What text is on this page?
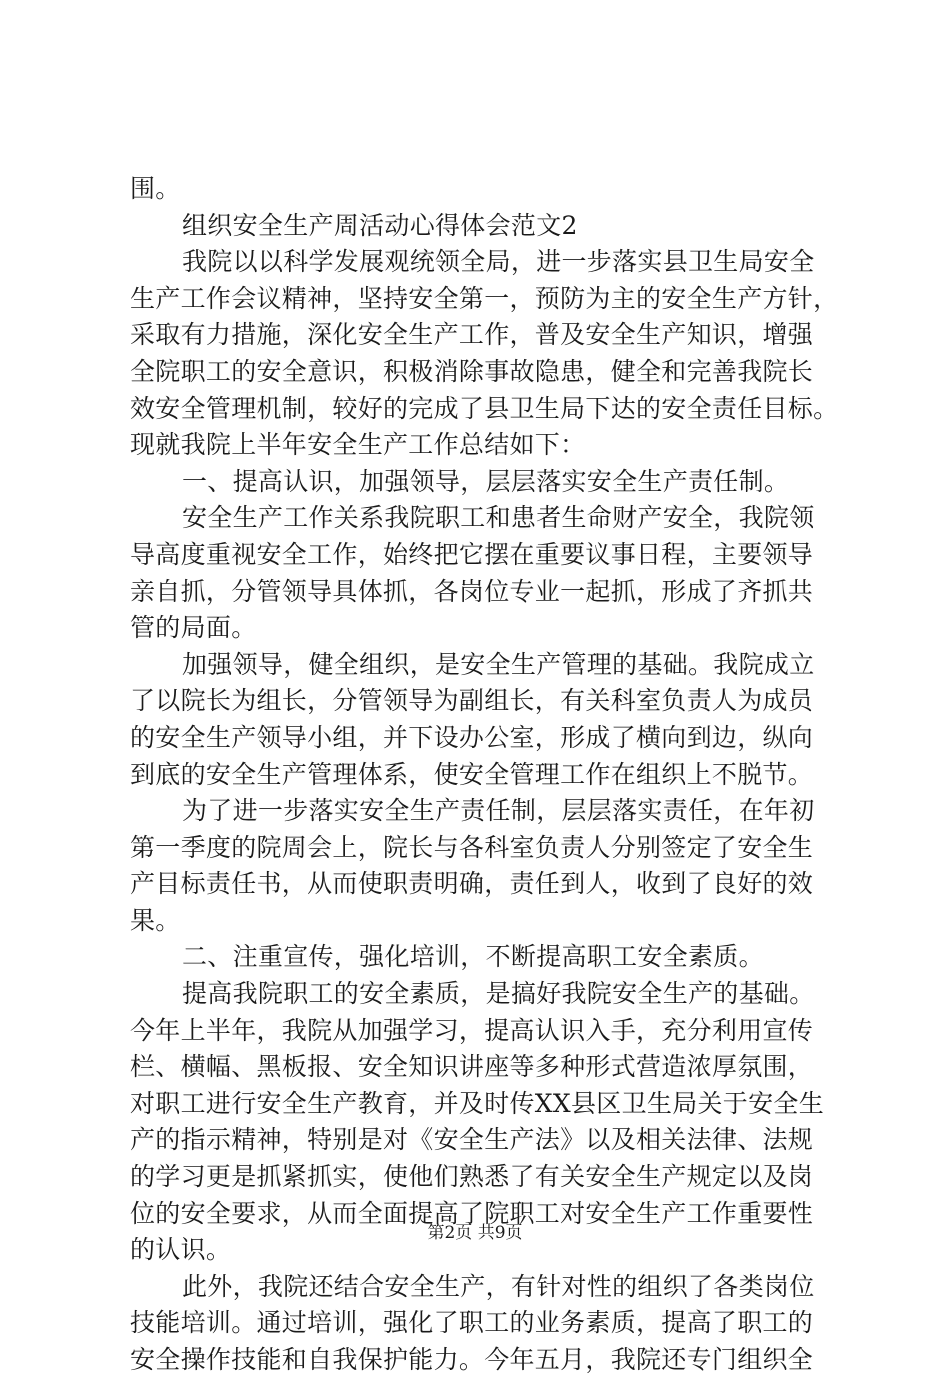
围。
组织安全生产周活动心得体会范文2
我院以以科学发展观统领全局，进一步落实县卫生局安全
生产工作会议精神，坚持安全第一，预防为主的安全生产方针，
采取有力措施，深化安全生产工作，普及安全生产知识，增强
全院职工的安全意识，积极消除事故隐患，健全和完善我院长
效安全管理机制，较好的完成了县卫生局下达的安全责任目标。
现就我院上半年安全生产工作总结如下：
一、提高认识，加强领导，层层落实安全生产责任制。
安全生产工作关系我院职工和患者生命财产安全，我院领
导高度重视安全工作，始终把它摆在重要议事日程，主要领导
亲自抓，分管领导具体抓，各岗位专业一起抓，形成了齐抓共
管的局面。
加强领导，健全组织，是安全生产管理的基础。我院成立
了以院长为组长，分管领导为副组长，有关科室负责人为成员
的安全生产领导小组，并下设办公室，形成了横向到边，纵向
到底的安全生产管理体系，使安全管理工作在组织上不脱节。
为了进一步落实安全生产责任制，层层落实责任，在年初
第一季度的院周会上，院长与各科室负责人分别签定了安全生
产目标责任书，从而使职责明确，责任到人，收到了良好的效
果。
二、注重宣传，强化培训，不断提高职工安全素质。
提高我院职工的安全素质，是搞好我院安全生产的基础。
今年上半年，我院从加强学习，提高认识入手，充分利用宣传
栏、横幅、黑板报、安全知识讲座等多种形式营造浓厚氛围，
对职工进行安全生产教育，并及时传XX县区卫生局关于安全生
产的指示精神，特别是对《安全生产法》以及相关法律、法规
的学习更是抓紧抓实，使他们熟悉了有关安全生产规定以及岗
位的安全要求，从而全面提高了院职工对安全生产工作重要性
的认识。
此外，我院还结合安全生产，有针对性的组织了各类岗位
技能培训。通过培训，强化了职工的业务素质，提高了职工的
安全操作技能和自我保护能力。今年五月，我院还专门组织全
第2页 共9页
